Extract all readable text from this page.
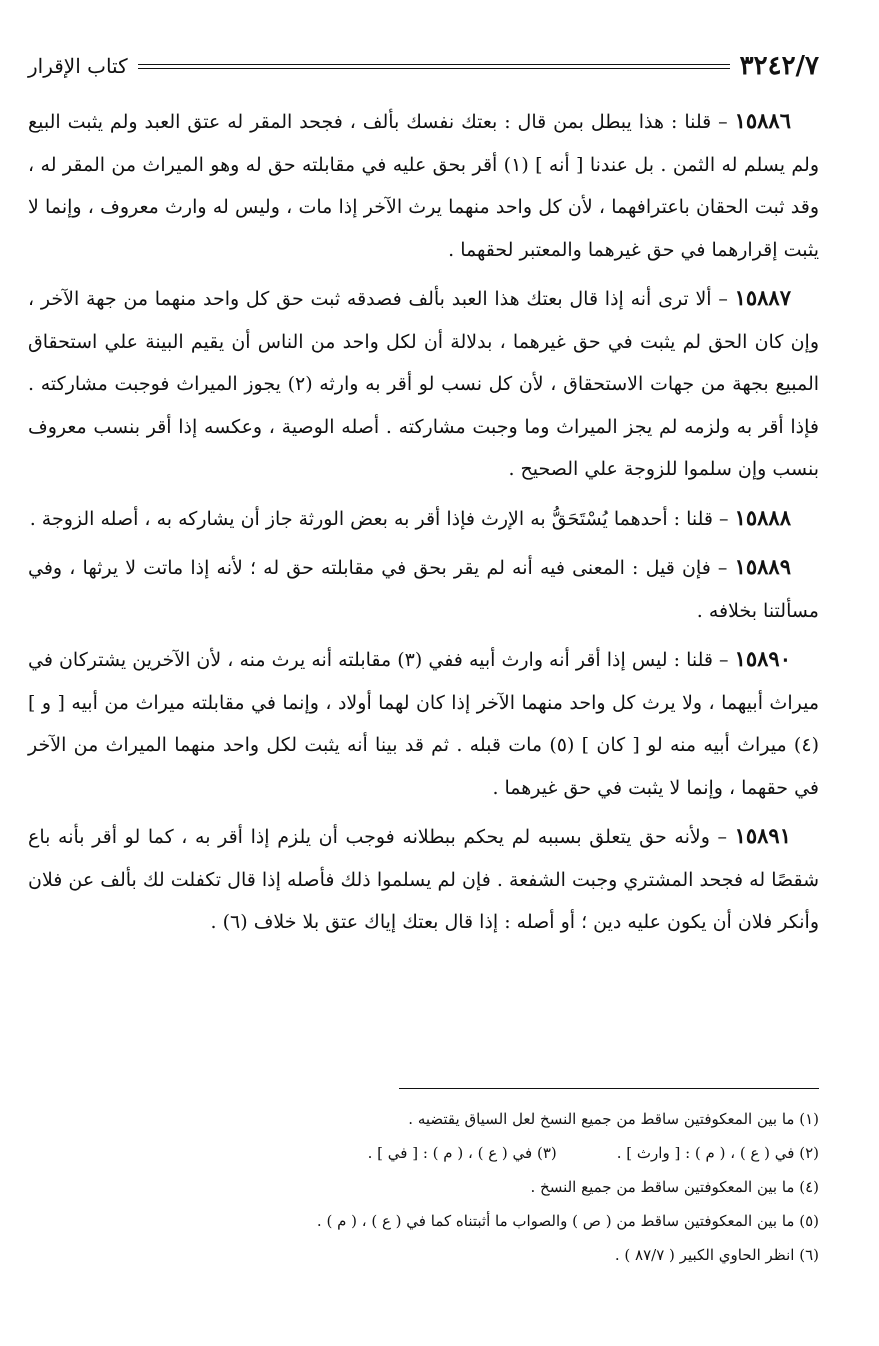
٣٢٤٢/٧
كتاب الإقرار

١٥٨٨٦ – قلنا : هذا يبطل بمن قال : بعتك نفسك بألف ، فجحد المقر له عتق العبد ولم يثبت البيع ولم يسلم له الثمن . بل عندنا [ أنه ] (١) أقر بحق عليه في مقابلته حق له وهو الميراث من المقر له ، وقد ثبت الحقان باعترافهما ، لأن كل واحد منهما يرث الآخر إذا مات ، وليس له وارث معروف ، وإنما لا يثبت إقرارهما في حق غيرهما والمعتبر لحقهما .

١٥٨٨٧ – ألا ترى أنه إذا قال بعتك هذا العبد بألف فصدقه ثبت حق كل واحد منهما من جهة الآخر ، وإن كان الحق لم يثبت في حق غيرهما ، بدلالة أن لكل واحد من الناس أن يقيم البينة علي استحقاق المبيع بجهة من جهات الاستحقاق ، لأن كل نسب لو أقر به وارثه (٢) يجوز الميراث فوجبت مشاركته . فإذا أقر به ولزمه لم يجز الميراث وما وجبت مشاركته . أصله الوصية ، وعكسه إذا أقر بنسب معروف بنسب وإن سلموا للزوجة علي الصحيح .

١٥٨٨٨ – قلنا : أحدهما يُسْتَحَقُّ به الإرث فإذا أقر به بعض الورثة جاز أن يشاركه به ، أصله الزوجة .

١٥٨٨٩ – فإن قيل : المعنى فيه أنه لم يقر بحق في مقابلته حق له ؛ لأنه إذا ماتت لا يرثها ، وفي مسألتنا بخلافه .

١٥٨٩٠ – قلنا : ليس إذا أقر أنه وارث أبيه ففي (٣) مقابلته أنه يرث منه ، لأن الآخرين يشتركان في ميراث أبيهما ، ولا يرث كل واحد منهما الآخر إذا كان لهما أولاد ، وإنما في مقابلته ميراث من أبيه [ و ] (٤) ميراث أبيه منه لو [ كان ] (٥) مات قبله . ثم قد بينا أنه يثبت لكل واحد منهما الميراث من الآخر في حقهما ، وإنما لا يثبت في حق غيرهما .

١٥٨٩١ – ولأنه حق يتعلق بسببه لم يحكم ببطلانه فوجب أن يلزم إذا أقر به ، كما لو أقر بأنه باع شقصًا له فجحد المشتري وجبت الشفعة . فإن لم يسلموا ذلك فأصله إذا قال تكفلت لك بألف عن فلان وأنكر فلان أن يكون عليه دين ؛ أو أصله : إذا قال بعتك إياك عتق بلا خلاف (٦) .

(١) ما بين المعكوفتين ساقط من جميع النسخ لعل السياق يقتضيه .
(٢) في ( ع ) ، ( م ) : [ وارث ] .
(٣) في ( ع ) ، ( م ) : [ في ] .
(٤) ما بين المعكوفتين ساقط من جميع النسخ .
(٥) ما بين المعكوفتين ساقط من ( ص ) والصواب ما أثبتناه كما في ( ع ) ، ( م ) .
(٦) انظر الحاوي الكبير ( ٨٧/٧ ) .
